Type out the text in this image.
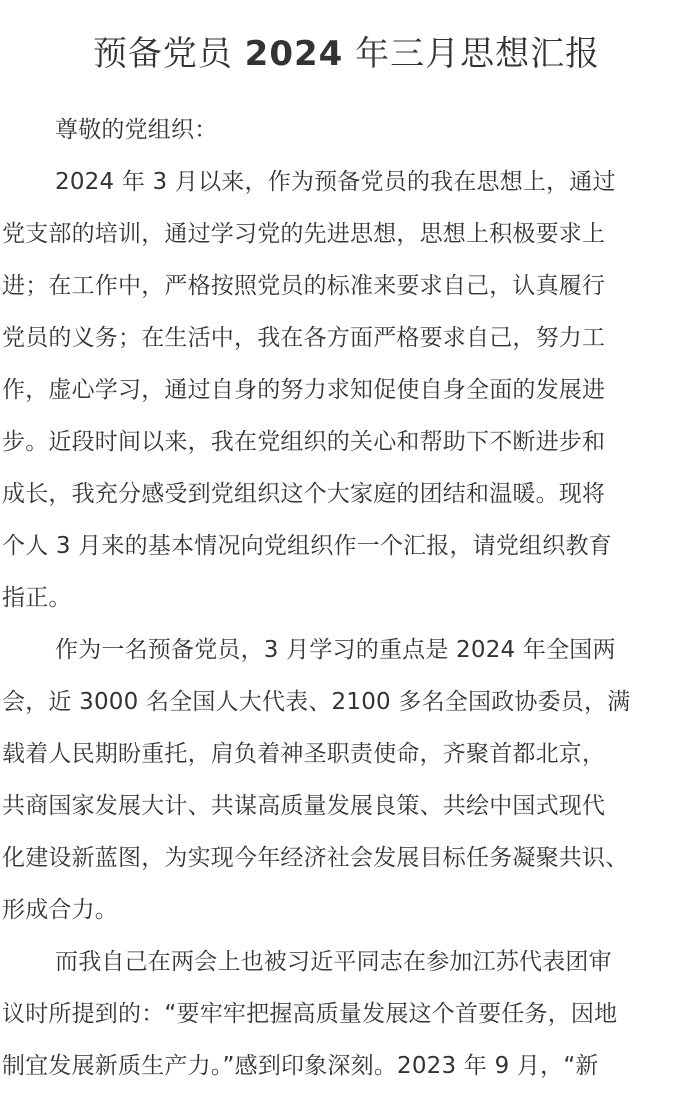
预备党员 2024 年三月思想汇报
尊敬的党组织：
2024 年 3 月以来，作为预备党员的我在思想上，通过
党支部的培训，通过学习党的先进思想，思想上积极要求上
进；在工作中，严格按照党员的标准来要求自己，认真履行
党员的义务；在生活中，我在各方面严格要求自己，努力工
作，虚心学习，通过自身的努力求知促使自身全面的发展进
步。近段时间以来，我在党组织的关心和帮助下不断进步和
成长，我充分感受到党组织这个大家庭的团结和温暖。现将
个人 3 月来的基本情况向党组织作一个汇报，请党组织教育
指正。
作为一名预备党员，3 月学习的重点是 2024 年全国两
会，近 3000 名全国人大代表、2100 多名全国政协委员，满
载着人民期盼重托，肩负着神圣职责使命，齐聚首都北京，
共商国家发展大计、共谋高质量发展良策、共绘中国式现代
化建设新蓝图，为实现今年经济社会发展目标任务凝聚共识、
形成合力。
而我自己在两会上也被习近平同志在参加江苏代表团审
议时所提到的：“要牢牢把握高质量发展这个首要任务，因地
制宜发展新质生产力。”感到印象深刻。2023 年 9 月，“新
